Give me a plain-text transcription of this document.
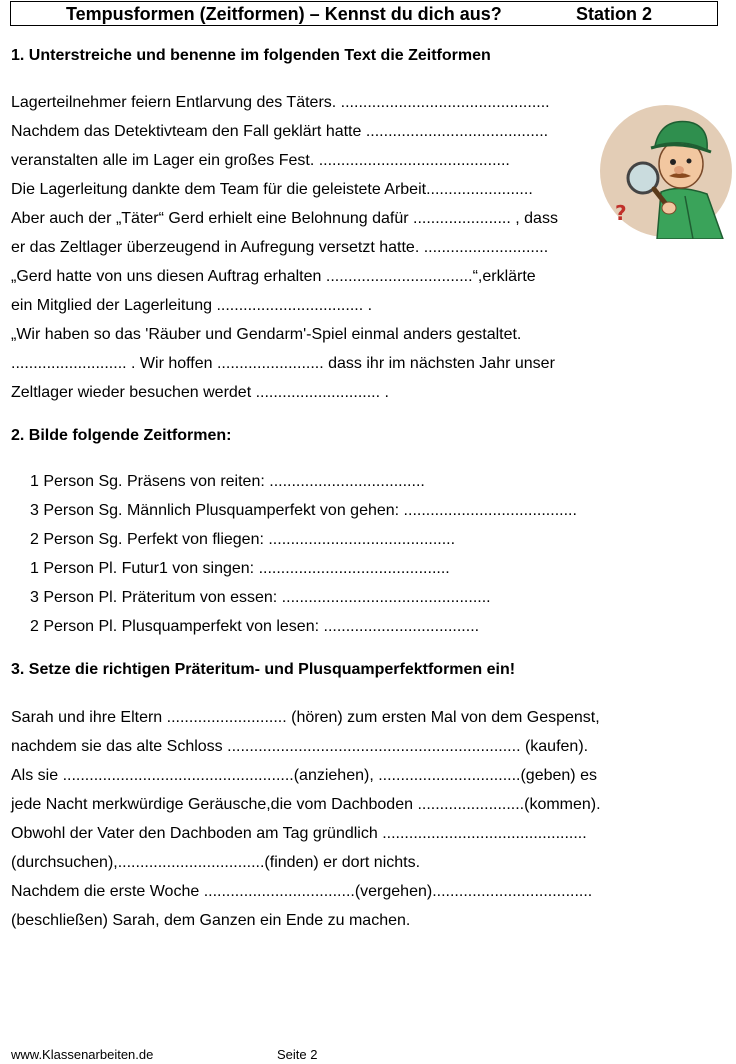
Tempusformen (Zeitformen) – Kennst du dich aus?	Station 2
1. Unterstreiche und benenne im folgenden Text die Zeitformen
Lagerteilnehmer feiern Entlarvung des Täters. ...............................................
Nachdem das Detektivteam den Fall geklärt hatte .........................................
veranstalten alle im Lager ein großes Fest. ...........................................
Die Lagerleitung dankte dem Team für die geleistete Arbeit........................
Aber auch der „Täter“ Gerd erhielt eine Belohnung dafür ...................... , dass
er das Zeltlager überzeugend in Aufregung versetzt hatte. ............................
„Gerd hatte von uns diesen Auftrag erhalten .................................“,erklärte
ein Mitglied der Lagerleitung ................................. .
„Wir haben so das 'Räuber und Gendarm'-Spiel einmal anders gestaltet.
.......................... . Wir hoffen ........................ dass ihr im nächsten Jahr unser
Zeltlager wieder besuchen werdet ............................ .
?
2. Bilde folgende Zeitformen:
1 Person Sg. Präsens von reiten: ...................................
3 Person Sg. Männlich Plusquamperfekt von gehen: .......................................
2 Person Sg. Perfekt von fliegen: ..........................................
1 Person Pl. Futur1 von singen: ...........................................
3 Person Pl. Präteritum von essen: ...............................................
2 Person Pl. Plusquamperfekt von lesen: ...................................
3. Setze die richtigen Präteritum- und Plusquamperfektformen ein!
Sarah und ihre Eltern ........................... (hören) zum ersten Mal von dem Gespenst,
nachdem sie das alte Schloss .................................................................. (kaufen).
Als sie ....................................................(anziehen), ................................(geben) es
jede Nacht merkwürdige Geräusche,die vom Dachboden ........................(kommen).
Obwohl der Vater den Dachboden am Tag gründlich ..............................................
(durchsuchen),.................................(finden) er dort nichts.
Nachdem die erste Woche ..................................(vergehen)....................................
(beschließen) Sarah, dem Ganzen ein Ende zu machen.
www.Klassenarbeiten.de	Seite 2
